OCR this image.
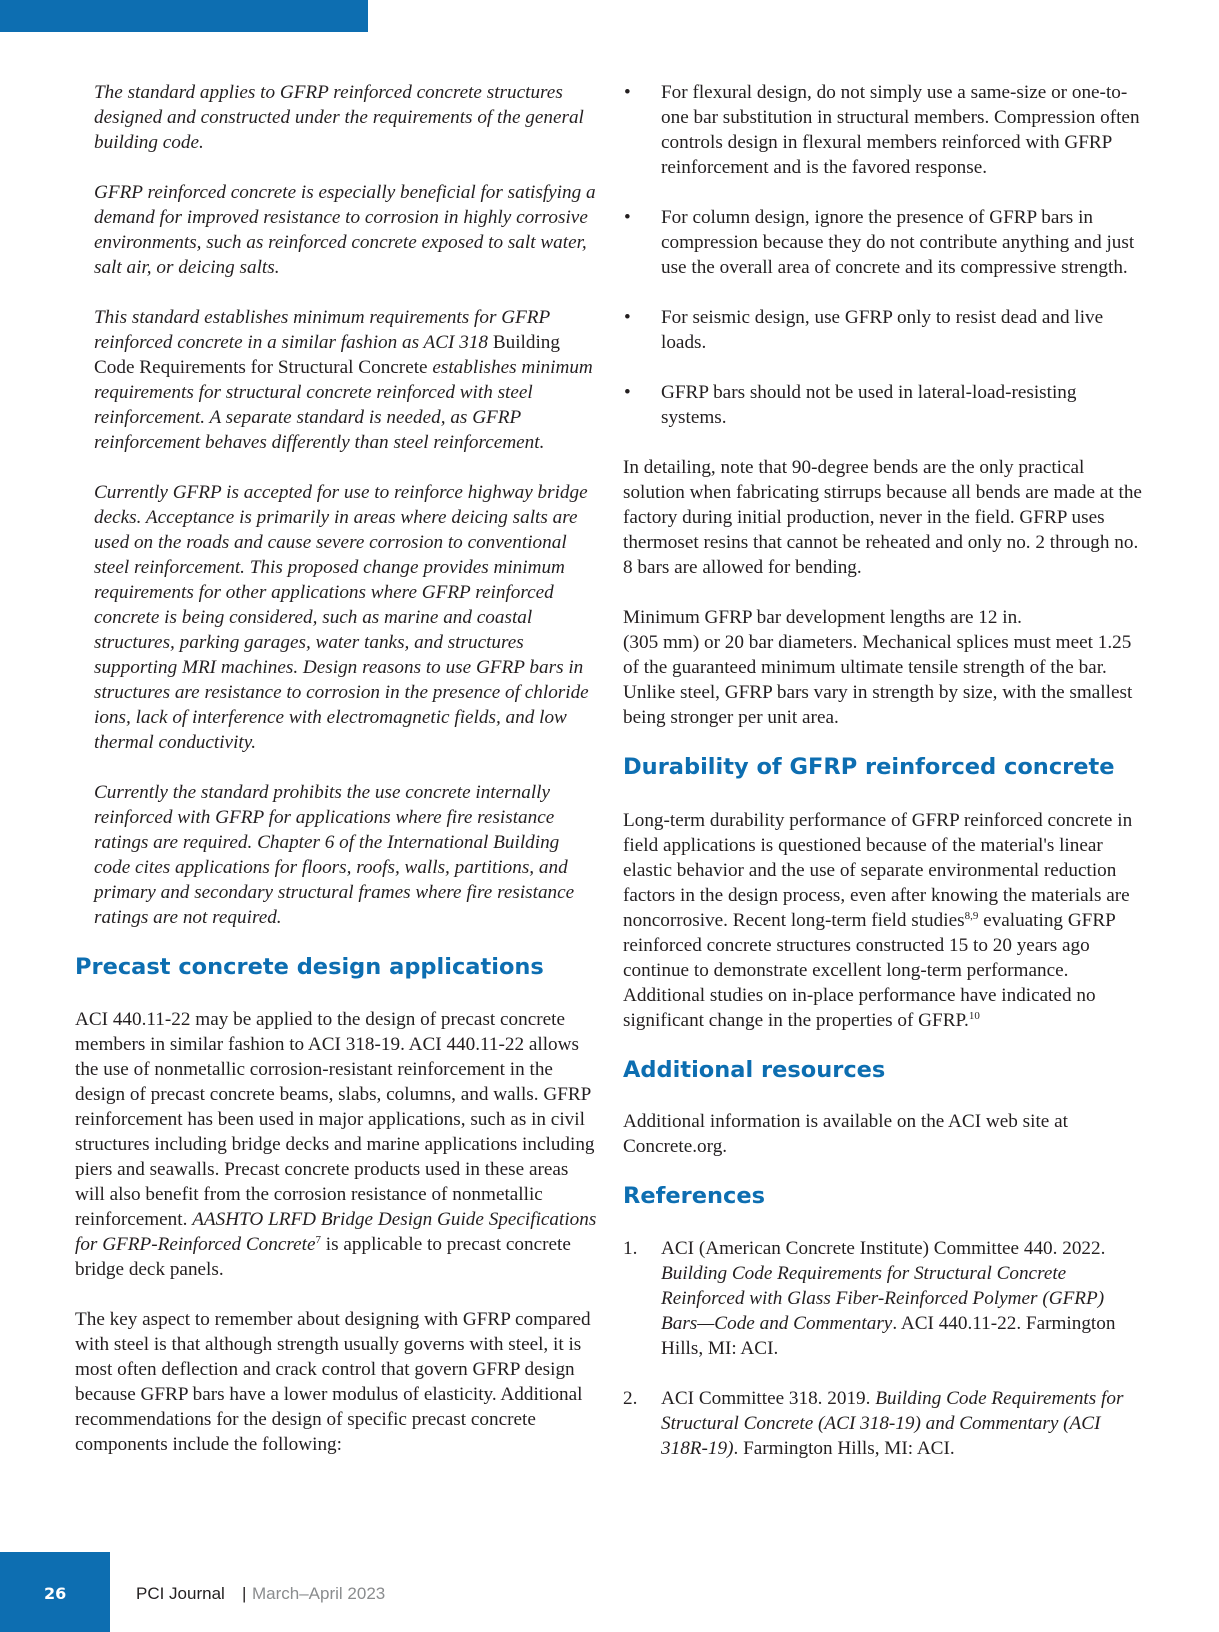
The standard applies to GFRP reinforced concrete structures designed and constructed under the requirements of the general building code.

GFRP reinforced concrete is especially beneficial for satisfying a demand for improved resistance to corrosion in highly corrosive environments, such as reinforced concrete exposed to salt water, salt air, or deicing salts.

This standard establishes minimum requirements for GFRP reinforced concrete in a similar fashion as ACI 318 Building Code Requirements for Structural Concrete establishes minimum requirements for structural concrete reinforced with steel reinforcement. A separate standard is needed, as GFRP reinforcement behaves differently than steel reinforcement.

Currently GFRP is accepted for use to reinforce highway bridge decks. Acceptance is primarily in areas where deicing salts are used on the roads and cause severe corrosion to conventional steel reinforcement. This proposed change provides minimum requirements for other applications where GFRP reinforced concrete is being considered, such as marine and coastal structures, parking garages, water tanks, and structures supporting MRI machines. Design reasons to use GFRP bars in structures are resistance to corrosion in the presence of chloride ions, lack of interference with electromagnetic fields, and low thermal conductivity.

Currently the standard prohibits the use concrete internally reinforced with GFRP for applications where fire resistance ratings are required. Chapter 6 of the International Building code cites applications for floors, roofs, walls, partitions, and primary and secondary structural frames where fire resistance ratings are not required.

Precast concrete design applications

ACI 440.11-22 may be applied to the design of precast concrete members in similar fashion to ACI 318-19. ACI 440.11-22 allows the use of nonmetallic corrosion-resistant reinforcement in the design of precast concrete beams, slabs, columns, and walls. GFRP reinforcement has been used in major applications, such as in civil structures including bridge decks and marine applications including piers and seawalls. Precast concrete products used in these areas will also benefit from the corrosion resistance of nonmetallic reinforcement. AASHTO LRFD Bridge Design Guide Specifications for GFRP-Reinforced Concrete$^7$ is applicable to precast concrete bridge deck panels.

The key aspect to remember about designing with GFRP compared with steel is that although strength usually governs with steel, it is most often deflection and crack control that govern GFRP design because GFRP bars have a lower modulus of elasticity. Additional recommendations for the design of specific precast concrete components include the following:

• For flexural design, do not simply use a same-size or one-to-one bar substitution in structural members. Compression often controls design in flexural members reinforced with GFRP reinforcement and is the favored response.
• For column design, ignore the presence of GFRP bars in compression because they do not contribute anything and just use the overall area of concrete and its compressive strength.
• For seismic design, use GFRP only to resist dead and live loads.
• GFRP bars should not be used in lateral-load-resisting systems.

In detailing, note that 90-degree bends are the only practical solution when fabricating stirrups because all bends are made at the factory during initial production, never in the field. GFRP uses thermoset resins that cannot be reheated and only no. 2 through no. 8 bars are allowed for bending.

Minimum GFRP bar development lengths are 12 in.
(305 mm) or 20 bar diameters. Mechanical splices must meet 1.25 of the guaranteed minimum ultimate tensile strength of the bar. Unlike steel, GFRP bars vary in strength by size, with the smallest being stronger per unit area.

Durability of GFRP reinforced concrete

Long-term durability performance of GFRP reinforced concrete in field applications is questioned because of the material's linear elastic behavior and the use of separate environmental reduction factors in the design process, even after knowing the materials are noncorrosive. Recent long-term field studies$^{8,9}$ evaluating GFRP reinforced concrete structures constructed 15 to 20 years ago continue to demonstrate excellent long-term performance. Additional studies on in-place performance have indicated no significant change in the properties of GFRP.$^{10}$

Additional resources

Additional information is available on the ACI web site at Concrete.org.

References
1. ACI (American Concrete Institute) Committee 440. 2022. Building Code Requirements for Structural Concrete Reinforced with Glass Fiber-Reinforced Polymer (GFRP) Bars—Code and Commentary. ACI 440.11-22. Farmington Hills, MI: ACI.
2. ACI Committee 318. 2019. Building Code Requirements for Structural Concrete (ACI 318-19) and Commentary (ACI 318R-19). Farmington Hills, MI: ACI.
26	PCI Journal | March–April 2023
